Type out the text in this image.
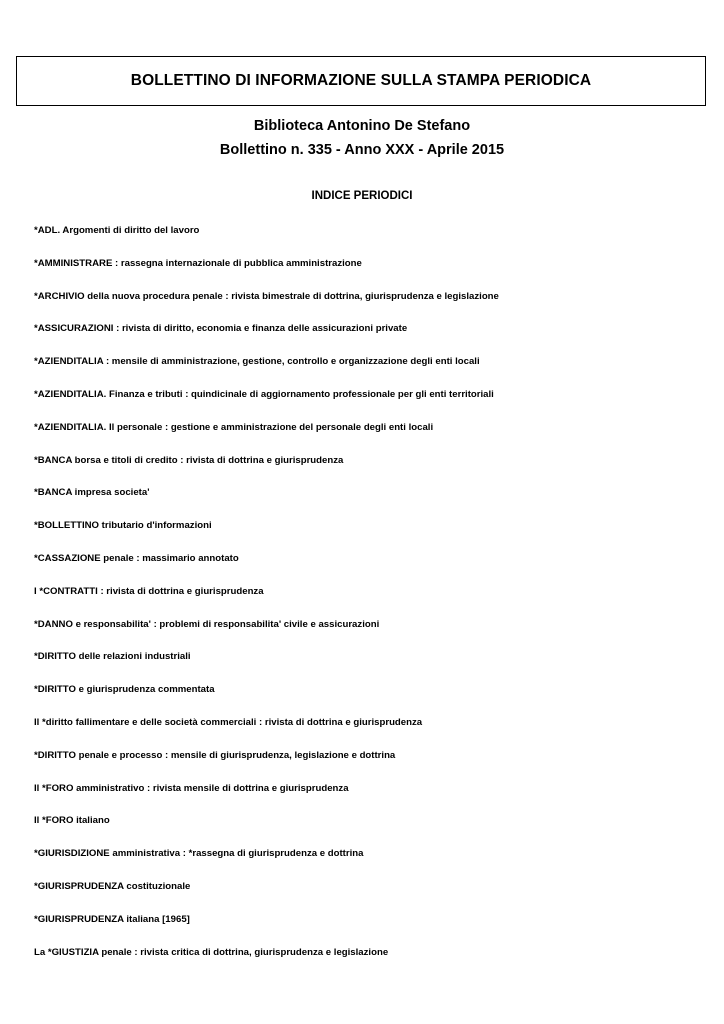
BOLLETTINO DI INFORMAZIONE SULLA STAMPA PERIODICA
Biblioteca Antonino De Stefano
Bollettino n. 335 - Anno XXX - Aprile 2015
INDICE PERIODICI
*ADL. Argomenti di diritto del lavoro
*AMMINISTRARE : rassegna internazionale di pubblica amministrazione
*ARCHIVIO della nuova procedura penale : rivista bimestrale di dottrina, giurisprudenza e legislazione
*ASSICURAZIONI : rivista di diritto, economia e finanza delle assicurazioni private
*AZIENDITALIA : mensile di amministrazione, gestione, controllo e organizzazione degli enti locali
*AZIENDITALIA. Finanza e tributi : quindicinale di aggiornamento professionale per gli enti territoriali
*AZIENDITALIA. Il personale : gestione e amministrazione del personale degli enti locali
*BANCA borsa e titoli di credito : rivista di dottrina e giurisprudenza
*BANCA impresa societa'
*BOLLETTINO tributario d'informazioni
*CASSAZIONE penale : massimario annotato
I *CONTRATTI : rivista di dottrina e giurisprudenza
*DANNO e responsabilita' : problemi di responsabilita' civile e assicurazioni
*DIRITTO delle relazioni industriali
*DIRITTO e giurisprudenza commentata
Il *diritto fallimentare e delle società commerciali : rivista di dottrina e giurisprudenza
*DIRITTO penale e processo : mensile di giurisprudenza, legislazione e dottrina
Il *FORO amministrativo : rivista mensile di dottrina e giurisprudenza
Il *FORO italiano
*GIURISDIZIONE amministrativa : *rassegna di giurisprudenza e dottrina
*GIURISPRUDENZA costituzionale
*GIURISPRUDENZA italiana [1965]
La *GIUSTIZIA penale : rivista critica di dottrina, giurisprudenza e legislazione
